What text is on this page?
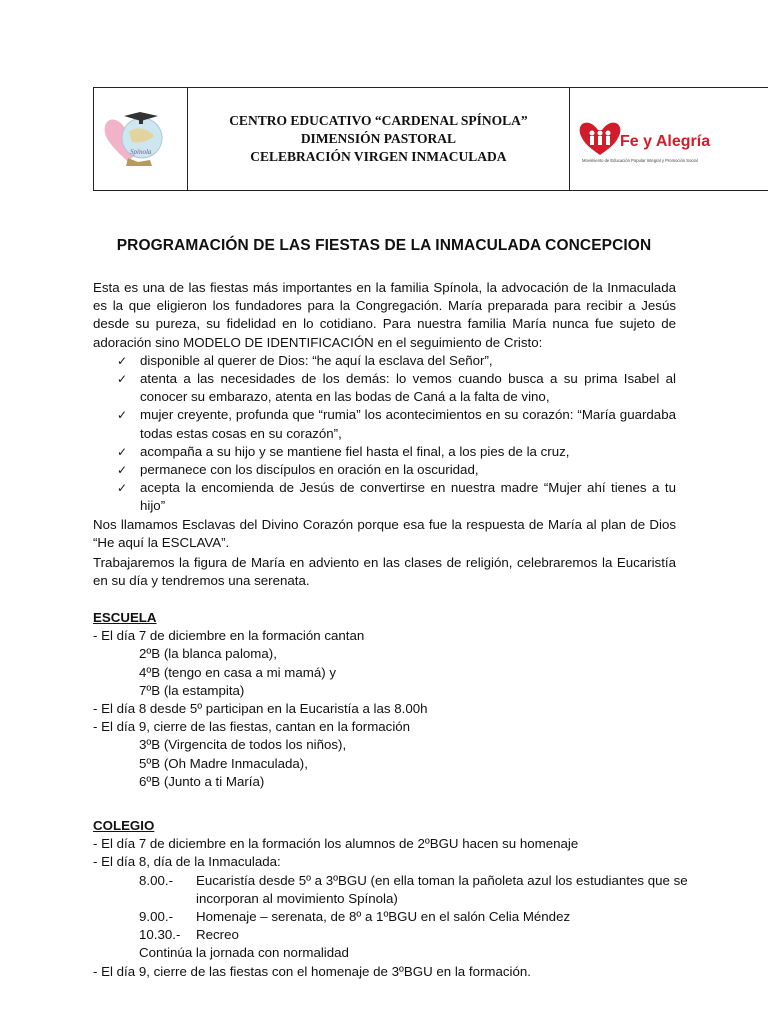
Spínola
CENTRO EDUCATIVO “CARDENAL SPÍNOLA”
DIMENSIÓN PASTORAL
CELEBRACIÓN VIRGEN INMACULADA
Fe y Alegría
Movimiento de Educación Popular Integral y Promoción Social
PROGRAMACIÓN DE LAS FIESTAS DE LA INMACULADA CONCEPCION
Esta es una de las fiestas más importantes en la familia Spínola, la advocación de la Inmaculada es la que eligieron los fundadores para la Congregación. María preparada para recibir a Jesús desde su pureza, su fidelidad en lo cotidiano. Para nuestra familia María nunca fue sujeto de adoración sino MODELO DE IDENTIFICACIÓN en el seguimiento de Cristo:
✓ disponible al querer de Dios: “he aquí la esclava del Señor”,
✓ atenta a las necesidades de los demás: lo vemos cuando busca a su prima Isabel al conocer su embarazo, atenta en las bodas de Caná a la falta de vino,
✓ mujer creyente, profunda que “rumia” los acontecimientos en su corazón: “María guardaba todas estas cosas en su corazón”,
✓ acompaña a su hijo y se mantiene fiel hasta el final, a los pies de la cruz,
✓ permanece con los discípulos en oración en la oscuridad,
✓ acepta la encomienda de Jesús de convertirse en nuestra madre “Mujer ahí tienes a tu hijo”
Nos llamamos Esclavas del Divino Corazón porque esa fue la respuesta de María al plan de Dios “He aquí la ESCLAVA”.
Trabajaremos la figura de María en adviento en las clases de religión, celebraremos la Eucaristía en su día y tendremos una serenata.
ESCUELA
- El día 7 de diciembre en la formación cantan
2ºB (la blanca paloma),
4ºB (tengo en casa a mi mamá) y
7ºB (la estampita)
- El día 8 desde 5º participan en la Eucaristía a las 8.00h
- El día 9, cierre de las fiestas, cantan en la formación
3ºB (Virgencita de todos los niños),
5ºB (Oh Madre Inmaculada),
6ºB (Junto a ti María)
COLEGIO
- El día 7 de diciembre en la formación los alumnos de 2ºBGU hacen su homenaje
- El día 8, día de la Inmaculada:
8.00.-	Eucaristía desde 5º a 3ºBGU (en ella toman la pañoleta azul los estudiantes que se
incorporan al movimiento Spínola)
9.00.-	Homenaje – serenata, de 8º a 1ºBGU en el salón Celia Méndez
10.30.-	Recreo
Continúa la jornada con normalidad
- El día 9, cierre de las fiestas con el homenaje de 3ºBGU en la formación.
